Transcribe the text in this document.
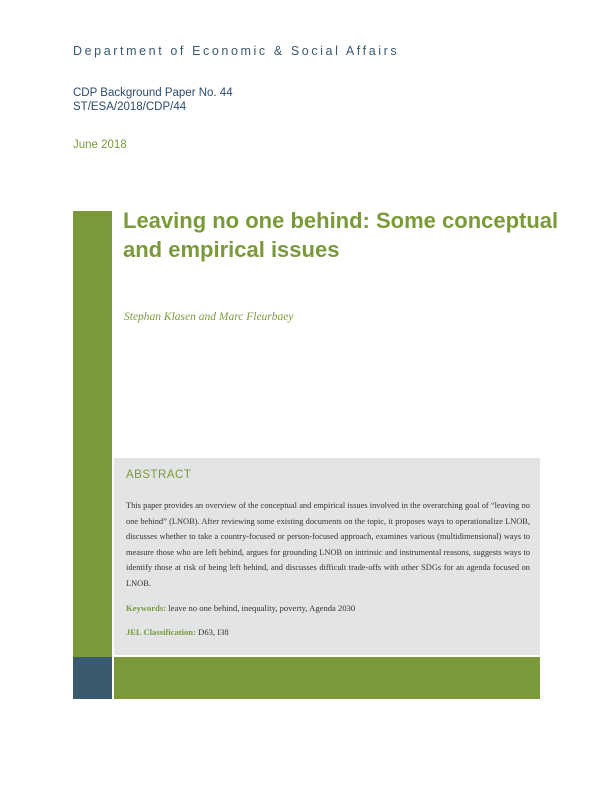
Department of Economic & Social Affairs
CDP Background Paper No. 44
ST/ESA/2018/CDP/44
June 2018
Leaving no one behind: Some conceptual and empirical issues
Stephan Klasen and Marc Fleurbaey
ABSTRACT

This paper provides an overview of the conceptual and empirical issues involved in the overarching goal of “leaving no one behind” (LNOB). After reviewing some existing documents on the topic, it proposes ways to operationalize LNOB, discusses whether to take a country-focused or person-focused approach, examines various (multidimensional) ways to measure those who are left behind, argues for grounding LNOB on intrinsic and instrumental reasons, suggests ways to identify those at risk of being left behind, and discusses difficult trade-offs with other SDGs for an agenda focused on LNOB.

Keywords: leave no one behind, inequality, poverty, Agenda 2030
JEL Classification: D63, I38
